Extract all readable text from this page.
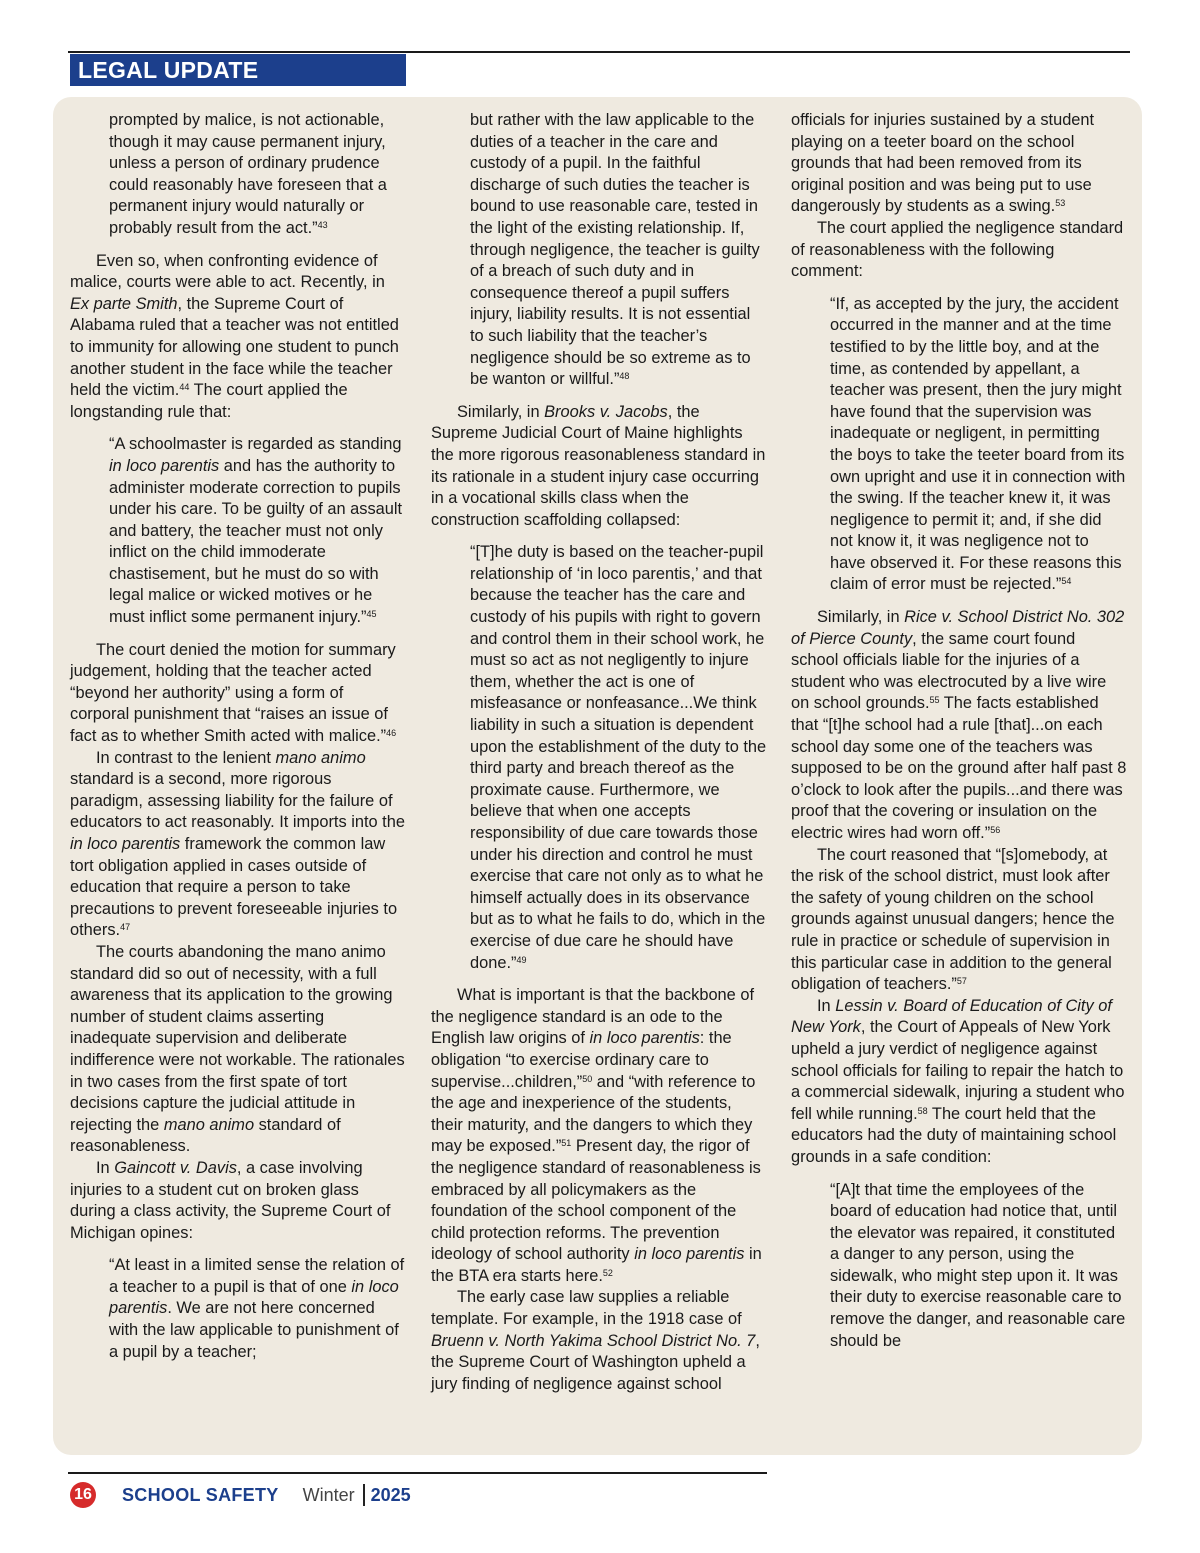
LEGAL UPDATE

prompted by malice, is not actionable, though it may cause permanent injury, unless a person of ordinary prudence could reasonably have foreseen that a permanent injury would naturally or probably result from the act.”$^{43}$

Even so, when confronting evidence of malice, courts were able to act. Recently, in Ex parte Smith, the Supreme Court of Alabama ruled that a teacher was not entitled to immunity for allowing one student to punch another student in the face while the teacher held the victim.$^{44}$ The court applied the longstanding rule that:

“A schoolmaster is regarded as standing in loco parentis and has the authority to administer moderate correction to pupils under his care. To be guilty of an assault and battery, the teacher must not only inflict on the child immoderate chastisement, but he must do so with legal malice or wicked motives or he must inflict some permanent injury.”$^{45}$

The court denied the motion for summary judgement, holding that the teacher acted “beyond her authority” using a form of corporal punishment that “raises an issue of fact as to whether Smith acted with malice.”$^{46}$

In contrast to the lenient mano animo standard is a second, more rigorous paradigm, assessing liability for the failure of educators to act reasonably. It imports into the in loco parentis framework the common law tort obligation applied in cases outside of education that require a person to take precautions to prevent foreseeable injuries to others.$^{47}$

The courts abandoning the mano animo standard did so out of necessity, with a full awareness that its application to the growing number of student claims asserting inadequate supervision and deliberate indifference were not workable. The rationales in two cases from the first spate of tort decisions capture the judicial attitude in rejecting the mano animo standard of reasonableness.

In Gaincott v. Davis, a case involving injuries to a student cut on broken glass during a class activity, the Supreme Court of Michigan opines:

“At least in a limited sense the relation of a teacher to a pupil is that of one in loco parentis. We are not here concerned with the law applicable to punishment of a pupil by a teacher;

but rather with the law applicable to the duties of a teacher in the care and custody of a pupil. In the faithful discharge of such duties the teacher is bound to use reasonable care, tested in the light of the existing relationship. If, through negligence, the teacher is guilty of a breach of such duty and in consequence thereof a pupil suffers injury, liability results. It is not essential to such liability that the teacher’s negligence should be so extreme as to be wanton or willful.”$^{48}$

Similarly, in Brooks v. Jacobs, the Supreme Judicial Court of Maine highlights the more rigorous reasonableness standard in its rationale in a student injury case occurring in a vocational skills class when the construction scaffolding collapsed:

“[T]he duty is based on the teacher-pupil relationship of ‘in loco parentis,’ and that because the teacher has the care and custody of his pupils with right to govern and control them in their school work, he must so act as not negligently to injure them, whether the act is one of misfeasance or nonfeasance...We think liability in such a situation is dependent upon the establishment of the duty to the third party and breach thereof as the proximate cause. Furthermore, we believe that when one accepts responsibility of due care towards those under his direction and control he must exercise that care not only as to what he himself actually does in its observance but as to what he fails to do, which in the exercise of due care he should have done.”$^{49}$

What is important is that the backbone of the negligence standard is an ode to the English law origins of in loco parentis: the obligation “to exercise ordinary care to supervise...children,”$^{50}$ and “with reference to the age and inexperience of the students, their maturity, and the dangers to which they may be exposed.”$^{51}$ Present day, the rigor of the negligence standard of reasonableness is embraced by all policymakers as the foundation of the school component of the child protection reforms. The prevention ideology of school authority in loco parentis in the BTA era starts here.$^{52}$

The early case law supplies a reliable template. For example, in the 1918 case of Bruenn v. North Yakima School District No. 7, the Supreme Court of Washington upheld a jury finding of negligence against school

officials for injuries sustained by a student playing on a teeter board on the school grounds that had been removed from its original position and was being put to use dangerously by students as a swing.$^{53}$

The court applied the negligence standard of reasonableness with the following comment:

“If, as accepted by the jury, the accident occurred in the manner and at the time testified to by the little boy, and at the time, as contended by appellant, a teacher was present, then the jury might have found that the supervision was inadequate or negligent, in permitting the boys to take the teeter board from its own upright and use it in connection with the swing. If the teacher knew it, it was negligence to permit it; and, if she did not know it, it was negligence not to have observed it. For these reasons this claim of error must be rejected.”$^{54}$

Similarly, in Rice v. School District No. 302 of Pierce County, the same court found school officials liable for the injuries of a student who was electrocuted by a live wire on school grounds.$^{55}$ The facts established that “[t]he school had a rule [that]...on each school day some one of the teachers was supposed to be on the ground after half past 8 o’clock to look after the pupils...and there was proof that the covering or insulation on the electric wires had worn off.”$^{56}$

The court reasoned that “[s]omebody, at the risk of the school district, must look after the safety of young children on the school grounds against unusual dangers; hence the rule in practice or schedule of supervision in this particular case in addition to the general obligation of teachers.”$^{57}$

In Lessin v. Board of Education of City of New York, the Court of Appeals of New York upheld a jury verdict of negligence against school officials for failing to repair the hatch to a commercial sidewalk, injuring a student who fell while running.$^{58}$ The court held that the educators had the duty of maintaining school grounds in a safe condition:

“[A]t that time the employees of the board of education had notice that, until the elevator was repaired, it constituted a danger to any person, using the sidewalk, who might step upon it. It was their duty to exercise reasonable care to remove the danger, and reasonable care should be

16 SCHOOL SAFETY Winter 2025
